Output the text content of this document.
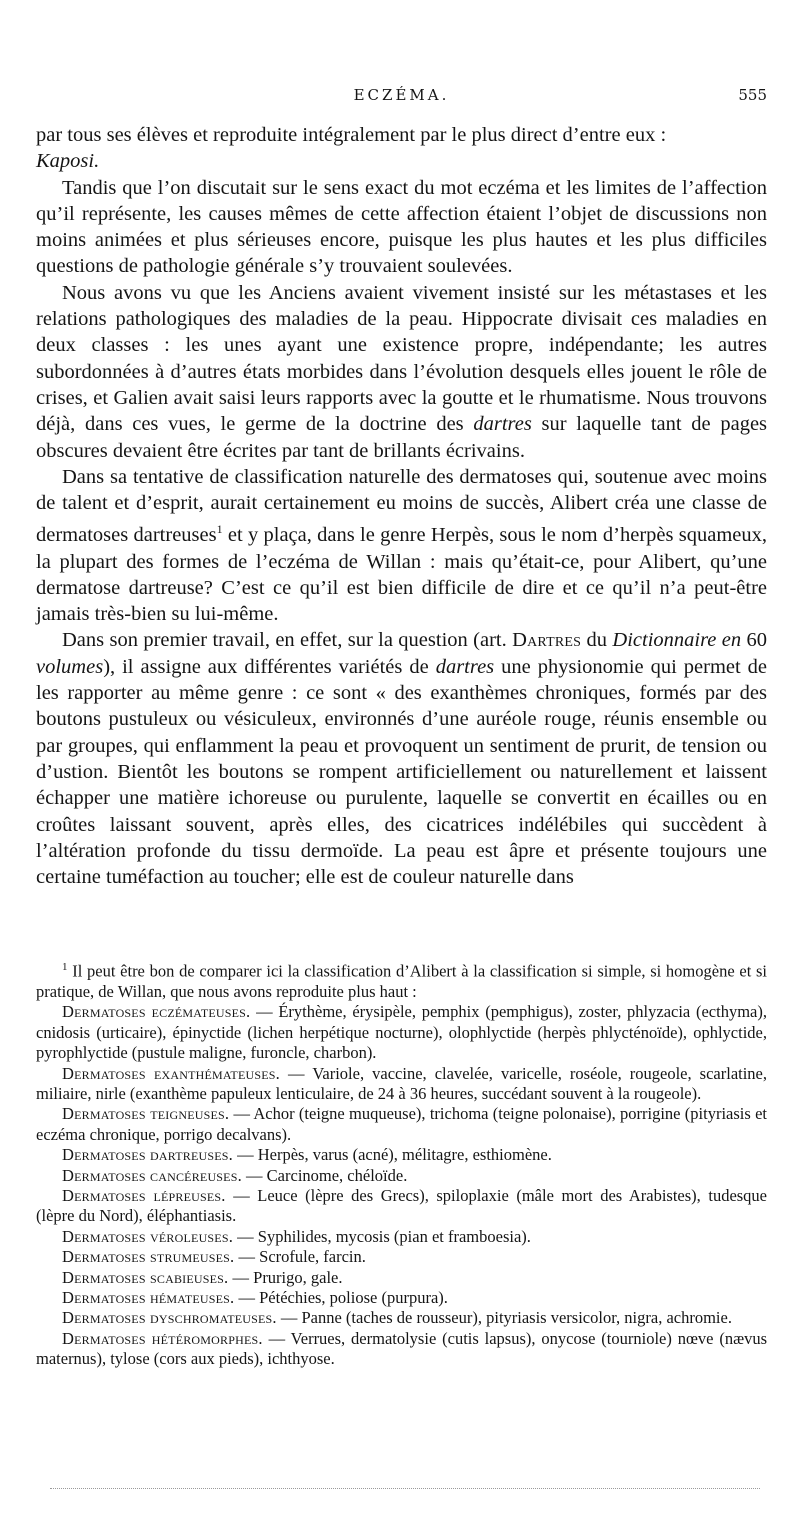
ECZÉMA.	555

par tous ses élèves et reproduite intégralement par le plus direct d’entre eux :
Kaposi.

Tandis que l’on discutait sur le sens exact du mot eczéma et les limites de l’affection qu’il représente, les causes mêmes de cette affection étaient l’objet de discussions non moins animées et plus sérieuses encore, puisque les plus hautes et les plus difficiles questions de pathologie générale s’y trouvaient soulevées.

Nous avons vu que les Anciens avaient vivement insisté sur les métastases et les relations pathologiques des maladies de la peau. Hippocrate divisait ces maladies en deux classes : les unes ayant une existence propre, indépendante; les autres subordonnées à d’autres états morbides dans l’évolution desquels elles jouent le rôle de crises, et Galien avait saisi leurs rapports avec la goutte et le rhumatisme. Nous trouvons déjà, dans ces vues, le germe de la doctrine des dartres sur laquelle tant de pages obscures devaient être écrites par tant de brillants écrivains.

Dans sa tentative de classification naturelle des dermatoses qui, soutenue avec moins de talent et d’esprit, aurait certainement eu moins de succès, Alibert créa une classe de dermatoses dartreuses$^1$ et y plaça, dans le genre Herpès, sous le nom d’herpès squameux, la plupart des formes de l’eczéma de Willan : mais qu’était-ce, pour Alibert, qu’une dermatose dartreuse? C’est ce qu’il est bien difficile de dire et ce qu’il n’a peut-être jamais très-bien su lui-même.

Dans son premier travail, en effet, sur la question (art. Dartres du Dictionnaire en 60 volumes), il assigne aux différentes variétés de dartres une physionomie qui permet de les rapporter au même genre : ce sont « des exanthèmes chroniques, formés par des boutons pustuleux ou vésiculeux, environnés d’une auréole rouge, réunis ensemble ou par groupes, qui enflamment la peau et provoquent un sentiment de prurit, de tension ou d’ustion. Bientôt les boutons se rompent artificiellement ou naturellement et laissent échapper une matière ichoreuse ou purulente, laquelle se convertit en écailles ou en croûtes laissant souvent, après elles, des cicatrices indélébiles qui succèdent à l’altération profonde du tissu dermoïde. La peau est âpre et présente toujours une certaine tuméfaction au toucher; elle est de couleur naturelle dans

$^1$ Il peut être bon de comparer ici la classification d’Alibert à la classification si simple, si homogène et si pratique, de Willan, que nous avons reproduite plus haut :

Dermatoses eczémateuses. — Érythème, érysipèle, pemphix (pemphigus), zoster, phlyzacia (ecthyma), cnidosis (urticaire), épinyctide (lichen herpétique nocturne), olophlyctide (herpès phlycténoïde), ophlyctide, pyrophlyctide (pustule maligne, furoncle, charbon).

Dermatoses exanthémateuses. — Variole, vaccine, clavelée, varicelle, roséole, rougeole, scarlatine, miliaire, nirle (exanthème papuleux lenticulaire, de 24 à 36 heures, succédant souvent à la rougeole).

Dermatoses teigneuses. — Achor (teigne muqueuse), trichoma (teigne polonaise), porrigine (pityriasis et eczéma chronique, porrigo decalvans).

Dermatoses dartreuses. — Herpès, varus (acné), mélitagre, esthiomène.

Dermatoses cancéreuses. — Carcinome, chéloïde.

Dermatoses lépreuses. — Leuce (lèpre des Grecs), spiloplaxie (mâle mort des Arabistes), tudesque (lèpre du Nord), éléphantiasis.

Dermatoses véroleuses. — Syphilides, mycosis (pian et framboesia).

Dermatoses strumeuses. — Scrofule, farcin.

Dermatoses scabieuses. — Prurigo, gale.

Dermatoses hémateuses. — Pétéchies, poliose (purpura).

Dermatoses dyschromateuses. — Panne (taches de rousseur), pityriasis versicolor, nigra, achromie.

Dermatoses hétéromorphes. — Verrues, dermatolysie (cutis lapsus), onycose (tourniole) nœve (nævus maternus), tylose (cors aux pieds), ichthyose.
